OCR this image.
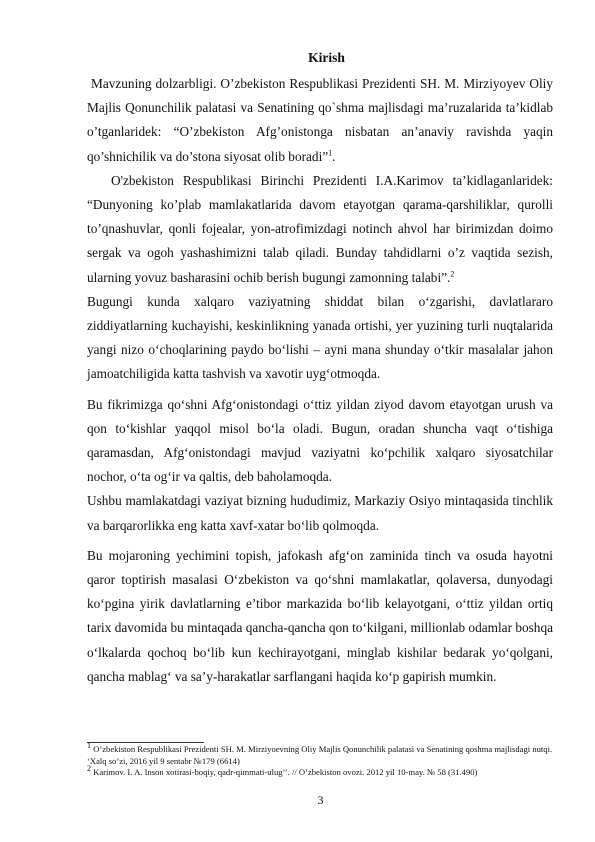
Kirish

Mavzuning dolzarbligi. O’zbekiston Respublikasi Prezidenti SH. M. Mirziyoyev Oliy Majlis Qonunchilik palatasi va Senatining qo`shma majlisdagi ma’ruzalarida ta’kidlab o’tganlaridek: “O’zbekiston Afg’onistonga nisbatan an’anaviy ravishda yaqin qo’shnichilik va do’stona siyosat olib boradi”$^1$.

O'zbekiston Respublikasi Birinchi Prezidenti I.A.Karimov ta’kidlaganlaridek: “Dunyoning ko’plab mamlakatlarida davom etayotgan qarama-qarshiliklar, qurolli to’qnashuvlar, qonli fojealar, yon-atrofimizdagi notinch ahvol har birimizdan doimo sergak va ogoh yashashimizni talab qiladi. Bunday tahdidlarni o’z vaqtida sezish, ularning yovuz basharasini ochib berish bugungi zamonning talabi”.$^2$

Bugungi kunda xalqaro vaziyatning shiddat bilan o‘zgarishi, davlatlararo ziddiyatlarning kuchayishi, keskinlikning yanada ortishi, yer yuzining turli nuqtalarida yangi nizo o‘choqlarining paydo bo‘lishi – ayni mana shunday o‘tkir masalalar jahon jamoatchiligida katta tashvish va xavotir uyg‘otmoqda.

Bu fikrimizga qo‘shni Afg‘onistondagi o‘ttiz yildan ziyod davom etayotgan urush va qon to‘kishlar yaqqol misol bo‘la oladi. Bugun, oradan shuncha vaqt o‘tishiga qaramasdan, Afg‘onistondagi mavjud vaziyatni ko‘pchilik xalqaro siyosatchilar nochor, o‘ta og‘ir va qaltis, deb baholamoqda.

Ushbu mamlakatdagi vaziyat bizning hududimiz, Markaziy Osiyo mintaqasida tinchlik va barqarorlikka eng katta xavf-xatar bo‘lib qolmoqda.

Bu mojaroning yechimini topish, jafokash afg‘on zaminida tinch va osuda hayotni qaror toptirish masalasi O‘zbekiston va qo‘shni mamlakatlar, qolaversa, dunyodagi ko‘pgina yirik davlatlarning e’tibor markazida bo‘lib kelayotgani, o‘ttiz yildan ortiq tarix davomida bu mintaqada qancha-qancha qon to‘kilgani, millionlab odamlar boshqa o‘lkalarda qochoq bo‘lib kun kechirayotgani, minglab kishilar bedarak yo‘qolgani, qancha mablag‘ va sa’y-harakatlar sarflangani haqida ko‘p gapirish mumkin.

$^1$ O’zbekiston Respublikasi Prezidenti SH. M. Mirziyoevning Oliy Majlis Qonunchilik palatasi va Senatining qoshma majlisdagi nutqi. ‘Xalq so’zi, 2016 yil 9 sentabr №179 (6614)

$^2$ Karimov. I. A. Inson xotirasi-boqiy, qadr-qimmati-ulug’’. // O’zbekiston ovozi. 2012 yil 10-may. № 58 (31.490)

3
